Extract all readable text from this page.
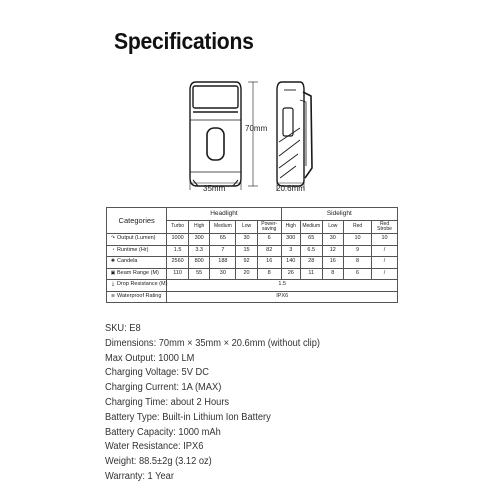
Specifications
70mm
35mm	20.6mm
Categories	Headlight					Sidelight				
	Turbo	High	Medium	Low	Power-saving	High	Medium	Low	Red	Red Strobe
↷ Output (Lumen)	1000	300	65	30	6	300	65	30	10	10
◔ Runtime (Hr)	1.5	3.3	7	15	82	3	6.5	12	9	/
✺ Candela	2560	800	188	92	16	140	28	16	8	/
▣ Beam Range (M)	110	55	30	20	8	26	11	8	6	/
⤓ Drop Resistance (M)	1.5									
≋ Waterproof Rating	IPX6									
SKU: E8
Dimensions: 70mm × 35mm × 20.6mm (without clip)
Max Output: 1000 LM
Charging Voltage: 5V DC
Charging Current: 1A (MAX)
Charging Time: about 2 Hours
Battery Type: Built-in Lithium Ion Battery
Battery Capacity: 1000 mAh
Water Resistance: IPX6
Weight: 88.5±2g (3.12 oz)
Warranty: 1 Year
